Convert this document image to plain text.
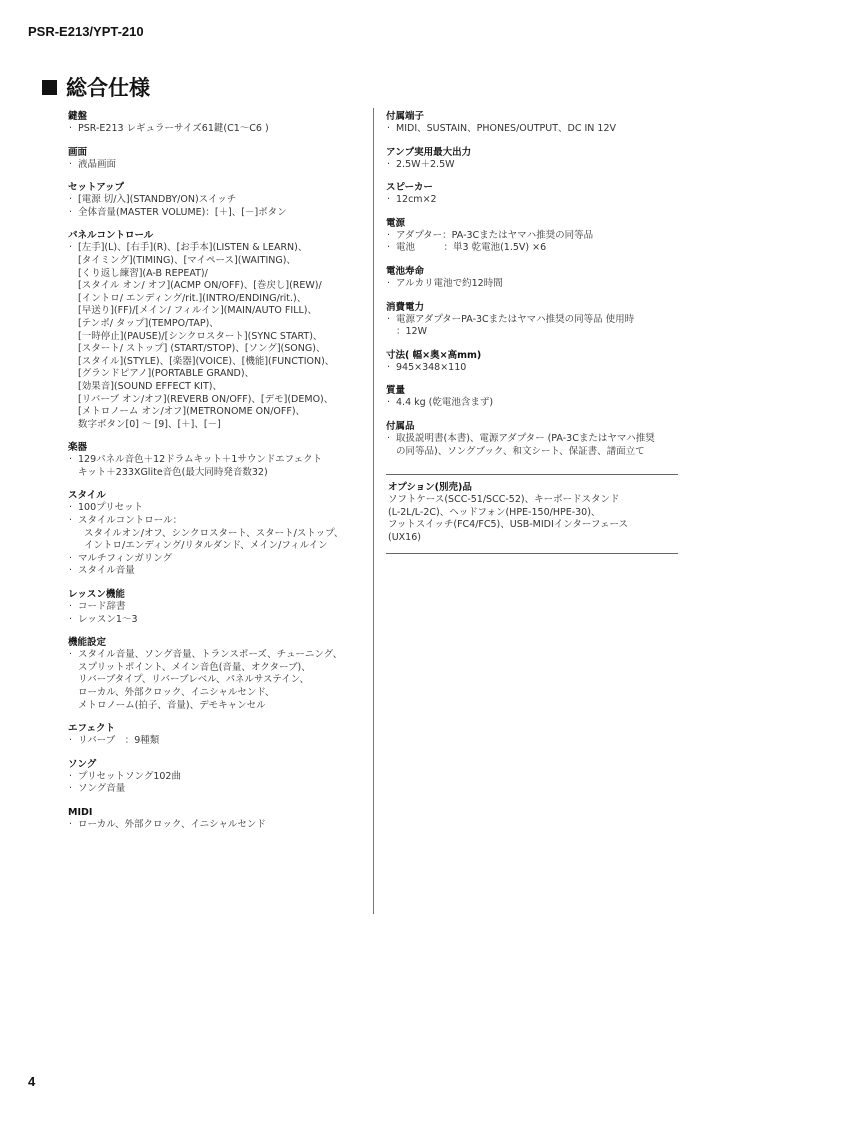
PSR-E213/YPT-210
総合仕様
鍵盤
· PSR-E213 レギュラーサイズ61鍵(C1〜C6 )
画面
· 液晶画面
セットアップ
· [電源 切/入](STANDBY/ON)スイッチ
· 全体音量(MASTER VOLUME)：[＋]、[－]ボタン
パネルコントロール
· [左手](L)、[右手](R)、[お手本](LISTEN & LEARN)、
[タイミング](TIMING)、[マイペース](WAITING)、
[くり返し練習](A-B REPEAT)/
[スタイル オン/ オフ](ACMP ON/OFF)、[巻戻し](REW)/
[イントロ/ エンディング/rit.](INTRO/ENDING/rit.)、
[早送り](FF)/[メイン/ フィルイン](MAIN/AUTO FILL)、
[テンポ/ タップ](TEMPO/TAP)、
[一時停止](PAUSE)/[シンクロスタート](SYNC START)、
[スタート/ ストップ] (START/STOP)、[ソング](SONG)、
[スタイル](STYLE)、[楽器](VOICE)、[機能](FUNCTION)、
[グランドピアノ](PORTABLE GRAND)、
[効果音](SOUND EFFECT KIT)、
[リバーブ オン/オフ](REVERB ON/OFF)、[デモ](DEMO)、
[メトロノーム オン/オフ](METRONOME ON/OFF)、
数字ボタン[0] 〜 [9]、[＋]、[－]
楽器
· 129パネル音色＋12ドラムキット＋1サウンドエフェクト
キット＋233XGlite音色(最大同時発音数32)
スタイル
· 100プリセット
· スタイルコントロール：
スタイルオン/オフ、シンクロスタート、スタート/ストップ、
イントロ/エンディング/リタルダンド、メイン/フィルイン
· マルチフィンガリング
· スタイル音量
レッスン機能
· コード辞書
· レッスン1〜3
機能設定
· スタイル音量、ソング音量、トランスポーズ、チューニング、
スプリットポイント、メイン音色(音量、オクターブ)、
リバーブタイプ、リバーブレベル、パネルサステイン、
ローカル、外部クロック、イニシャルセンド、
メトロノーム(拍子、音量)、デモキャンセル
エフェクト
· リバーブ　：9種類
ソング
· プリセットソング102曲
· ソング音量
MIDI
· ローカル、外部クロック、イニシャルセンド
付属端子
· MIDI、SUSTAIN、PHONES/OUTPUT、DC IN 12V
アンプ実用最大出力
· 2.5W＋2.5W
スピーカー
· 12cm×2
電源
· アダプター：PA-3Cまたはヤマハ推奨の同等品
· 電池　　　：単3 乾電池(1.5V) ×6
電池寿命
· アルカリ電池で約12時間
消費電力
· 電源アダプターPA-3Cまたはヤマハ推奨の同等品 使用時
：12W
寸法( 幅×奥×高mm)
· 945×348×110
質量
· 4.4 kg (乾電池含まず)
付属品
· 取扱説明書(本書)、電源アダプター (PA-3Cまたはヤマハ推奨
の同等品)、ソングブック、和文シート、保証書、譜面立て
オプション(別売)品
ソフトケース(SCC-51/SCC-52)、キーボードスタンド
(L-2L/L-2C)、ヘッドフォン(HPE-150/HPE-30)、
フットスイッチ(FC4/FC5)、USB-MIDIインターフェース
(UX16)
4
